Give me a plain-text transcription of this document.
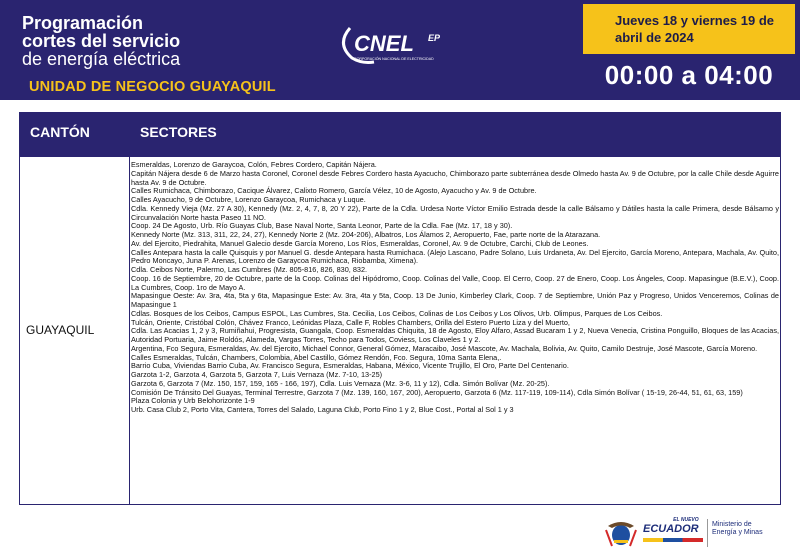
Programación
cortes del servicio
de energía eléctrica
UNIDAD DE NEGOCIO GUAYAQUIL
CNEL EP
CORPORACIÓN NACIONAL DE ELECTRICIDAD
Jueves 18 y viernes 19 de
abril de 2024
00:00 a 04:00
CANTÓN	SECTORES
GUAYAQUIL
Esmeraldas, Lorenzo de Garaycoa, Colón, Febres Cordero, Capitán Nájera.
Capitán Nájera desde 6 de Marzo hasta Coronel, Coronel desde Febres Cordero hasta Ayacucho, Chimborazo parte subterránea desde Olmedo hasta Av. 9 de Octubre, por la calle Chile desde Aguirre hasta Av. 9 de Octubre.
Calles Rumichaca, Chimborazo, Cacique Álvarez, Calixto Romero, García Vélez, 10 de Agosto, Ayacucho y Av. 9 de Octubre.
Calles Ayacucho, 9 de Octubre, Lorenzo Garaycoa, Rumichaca y Luque.
Cdla. Kennedy Vieja (Mz. 27 A 30), Kennedy (Mz. 2, 4, 7, 8, 20 Y 22), Parte de la Cdla. Urdesa Norte Víctor Emilio Estrada desde la calle Bálsamo y Dátiles hasta la calle Primera, desde Bálsamo y Circunvalación Norte hasta Paseo 11 NO.
Coop. 24 De Agosto, Urb. Río Guayas Club, Base Naval Norte, Santa Leonor, Parte de la Cdla. Fae (Mz. 17, 18 y 30).
Kennedy Norte (Mz. 313, 311, 22, 24, 27), Kennedy Norte 2 (Mz. 204-206), Albatros, Los Álamos 2, Aeropuerto, Fae, parte norte de la Atarazana.
Av. del Ejercito, Piedrahita, Manuel Galecio desde García Moreno, Los Ríos, Esmeraldas, Coronel, Av. 9 de Octubre, Carchi, Club de Leones.
Calles Antepara hasta la calle Quisquis y por Manuel G. desde Antepara hasta Rumichaca. (Alejo Lascano, Padre Solano, Luis Urdaneta, Av. Del Ejercito, García Moreno, Antepara, Machala, Av. Quito, Pedro Moncayo, Juna P. Arenas, Lorenzo de Garaycoa Rumichaca, Riobamba, Ximena).
Cdla. Ceibos Norte, Palermo, Las Cumbres (Mz. 805-816, 826, 830, 832.
Coop. 16 de Septiembre, 20 de Octubre, parte de la Coop. Colinas del Hipódromo, Coop. Colinas del Valle, Coop. El Cerro, Coop. 27 de Enero, Coop. Los Ángeles, Coop. Mapasingue (B.E.V.), Coop. La Cumbres, Coop. 1ro de Mayo A.
Mapasingue Oeste: Av. 3ra, 4ta, 5ta y 6ta, Mapasingue Este: Av. 3ra, 4ta y 5ta, Coop. 13 De Junio, Kimberley Clark, Coop. 7 de Septiembre, Unión Paz y Progreso, Unidos Venceremos, Colinas de Mapasingue 1
Cdlas. Bosques de los Ceibos, Campus ESPOL, Las Cumbres, Sta. Cecilia, Los Ceibos, Colinas de Los Ceibos y Los Olivos, Urb. Olimpus, Parques de Los Ceibos.
Tulcán, Oriente, Cristóbal Colón, Chávez Franco, Leónidas Plaza, Calle F, Robles Chambers, Orilla del Estero Puerto Liza y del Muerto,
Cdla. Las Acacias 1, 2 y 3, Rumiñahui, Progresista, Guangala, Coop. Esmeraldas Chiquita, 18 de Agosto, Eloy Alfaro, Assad Bucaram 1 y 2, Nueva Venecia, Cristina Ponguillo, Bloques de las Acacias, Autoridad Portuaria, Jaime Roldós, Alameda, Vargas Torres, Techo para Todos, Coviess, Los Claveles 1 y 2.
Argentina, Fco Segura, Esmeraldas, Av. del Ejercito, Michael Connor, General Gómez, Maracaibo, José Mascote, Av. Machala, Bolivia, Av. Quito, Camilo Destruje, José Mascote, García Moreno.
Calles Esmeraldas, Tulcán, Chambers, Colombia, Abel Castillo, Gómez Rendón, Fco. Segura, 10ma Santa Elena,.
Barrio Cuba, Viviendas Barrio Cuba, Av. Francisco Segura, Esmeraldas, Habana, México, Vicente Trujillo, El Oro, Parte Del Centenario.
Garzota 1-2, Garzota 4, Garzota 5, Garzota 7, Luis Vernaza (Mz. 7-10, 13-25)
Garzota 6, Garzota 7 (Mz. 150, 157, 159, 165 - 166, 197), Cdla. Luis Vernaza (Mz. 3-6, 11 y 12), Cdla. Simón Bolívar (Mz. 20-25).
Comisión De Tránsito Del Guayas, Terminal Terrestre, Garzota 7 (Mz. 139, 160, 167, 200), Aeropuerto, Garzota 6 (Mz. 117-119, 109-114), Cdla Simón Bolívar ( 15-19, 26-44, 51, 61, 63, 159)
Plaza Colonia y Urb Belohorizonte 1-9
Urb. Casa Club 2, Porto Vita, Cantera, Torres del Salado, Laguna Club, Porto Fino 1 y 2, Blue Cost., Portal al Sol 1 y 3
EL NUEVO
ECUADOR Ministerio de
Energía y Minas
